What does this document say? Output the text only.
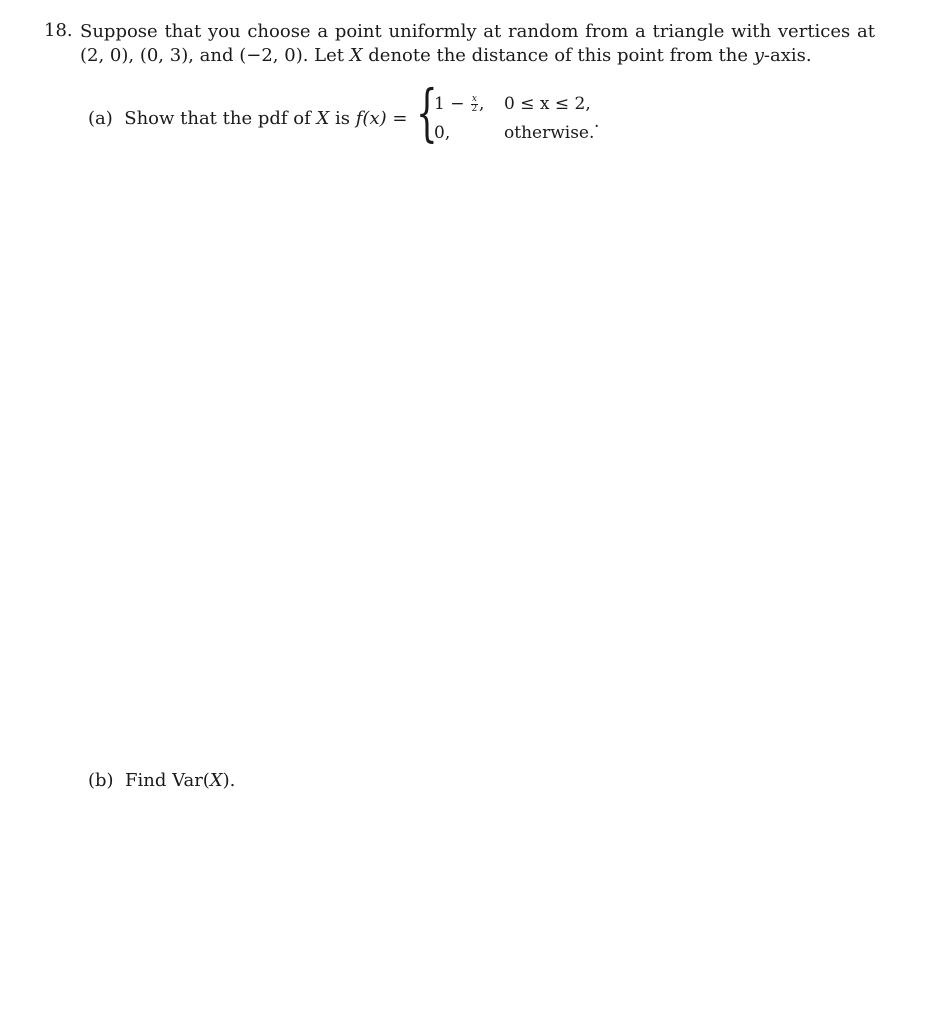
18. Suppose that you choose a point uniformly at random from a triangle with vertices at
(2, 0), (0, 3), and (−2, 0). Let X denote the distance of this point from the y-axis.
(a) Show that the pdf of X is f(x) = {
$1 - \frac{x}{2}$ , 0 ≤ x ≤ 2,
0,	otherwise.
.
(b) Find Var(X).
